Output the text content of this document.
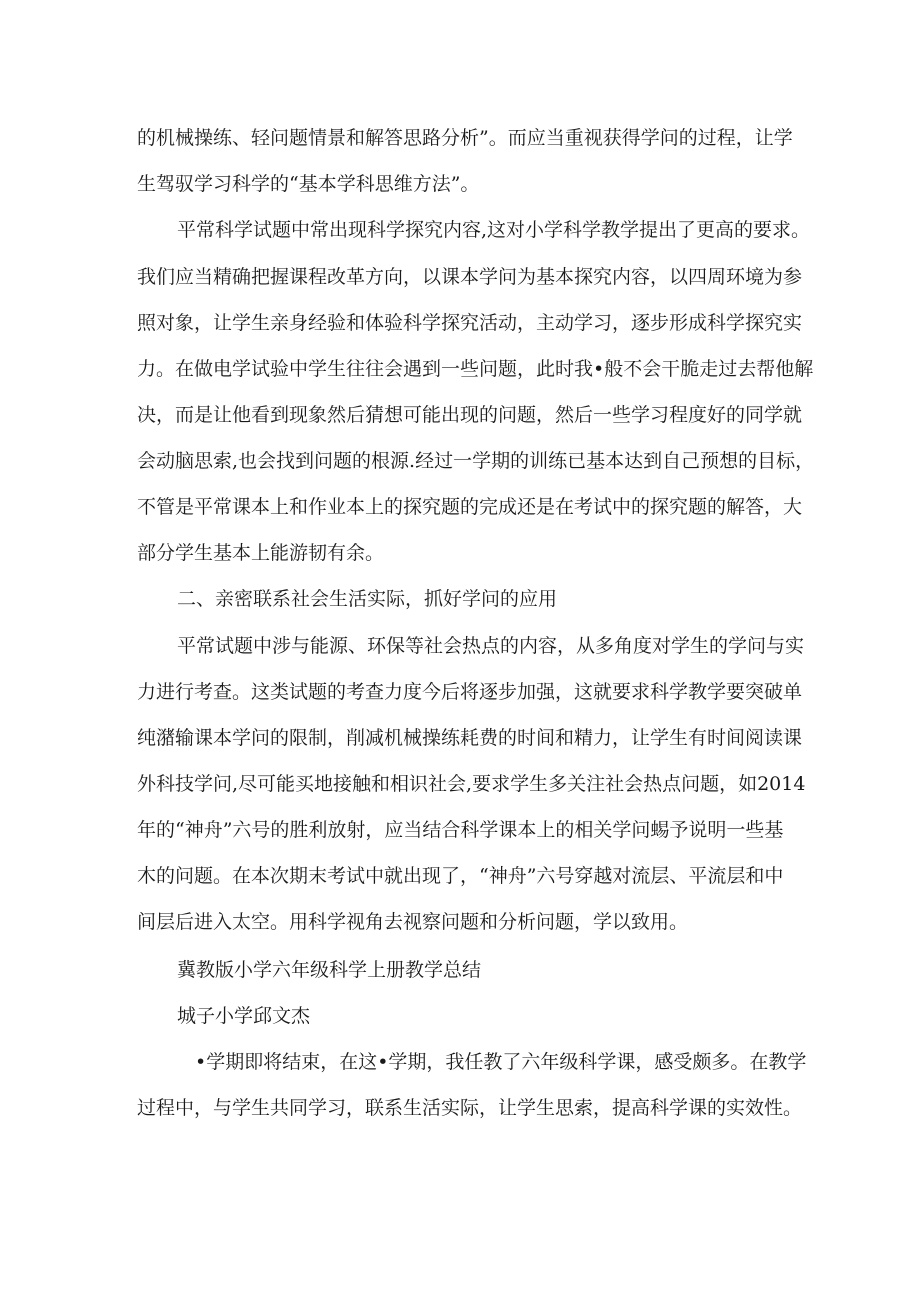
的机械操练、轻问题情景和解答思路分析”。而应当重视获得学问的过程，让学

生驾驭学习科学的“基本学科思维方法”。

平常科学试题中常出现科学探究内容,这对小学科学教学提出了更高的要求。

我们应当精确把握课程改革方向，以课本学问为基本探究内容，以四周环境为参

照对象，让学生亲身经验和体验科学探究活动，主动学习，逐步形成科学探究实

力。在做电学试验中学生往往会遇到一些问题，此时我•般不会干脆走过去帮他解

决，而是让他看到现象然后猜想可能出现的问题，然后一些学习程度好的同学就

会动脑思索,也会找到问题的根源.经过一学期的训练已基本达到自己预想的目标，

不管是平常课本上和作业本上的探究题的完成还是在考试中的探究题的解答，大

部分学生基本上能游韧有余。

二、亲密联系社会生活实际，抓好学问的应用

平常试题中涉与能源、环保等社会热点的内容，从多角度对学生的学问与实

力进行考查。这类试题的考查力度今后将逐步加强，这就要求科学教学要突破单

纯潴输课本学问的限制，削减机械操练耗费的时间和精力，让学生有时间阅读课

外科技学问,尽可能买地接触和相识社会,要求学生多关注社会热点问题，如2014

年的“神舟”六号的胜利放射，应当结合科学课本上的相关学问蜴予说明一些基

木的问题。在本次期末考试中就出现了，“神舟”六号穿越对流层、平流层和中

间层后进入太空。用科学视角去视察问题和分析问题，学以致用。

冀教版小学六年级科学上册教学总结

城子小学邱文杰

•学期即将结束，在这•学期，我任教了六年级科学课，感受颇多。在教学

过程中，与学生共同学习，联系生活实际，让学生思索，提高科学课的实效性。
